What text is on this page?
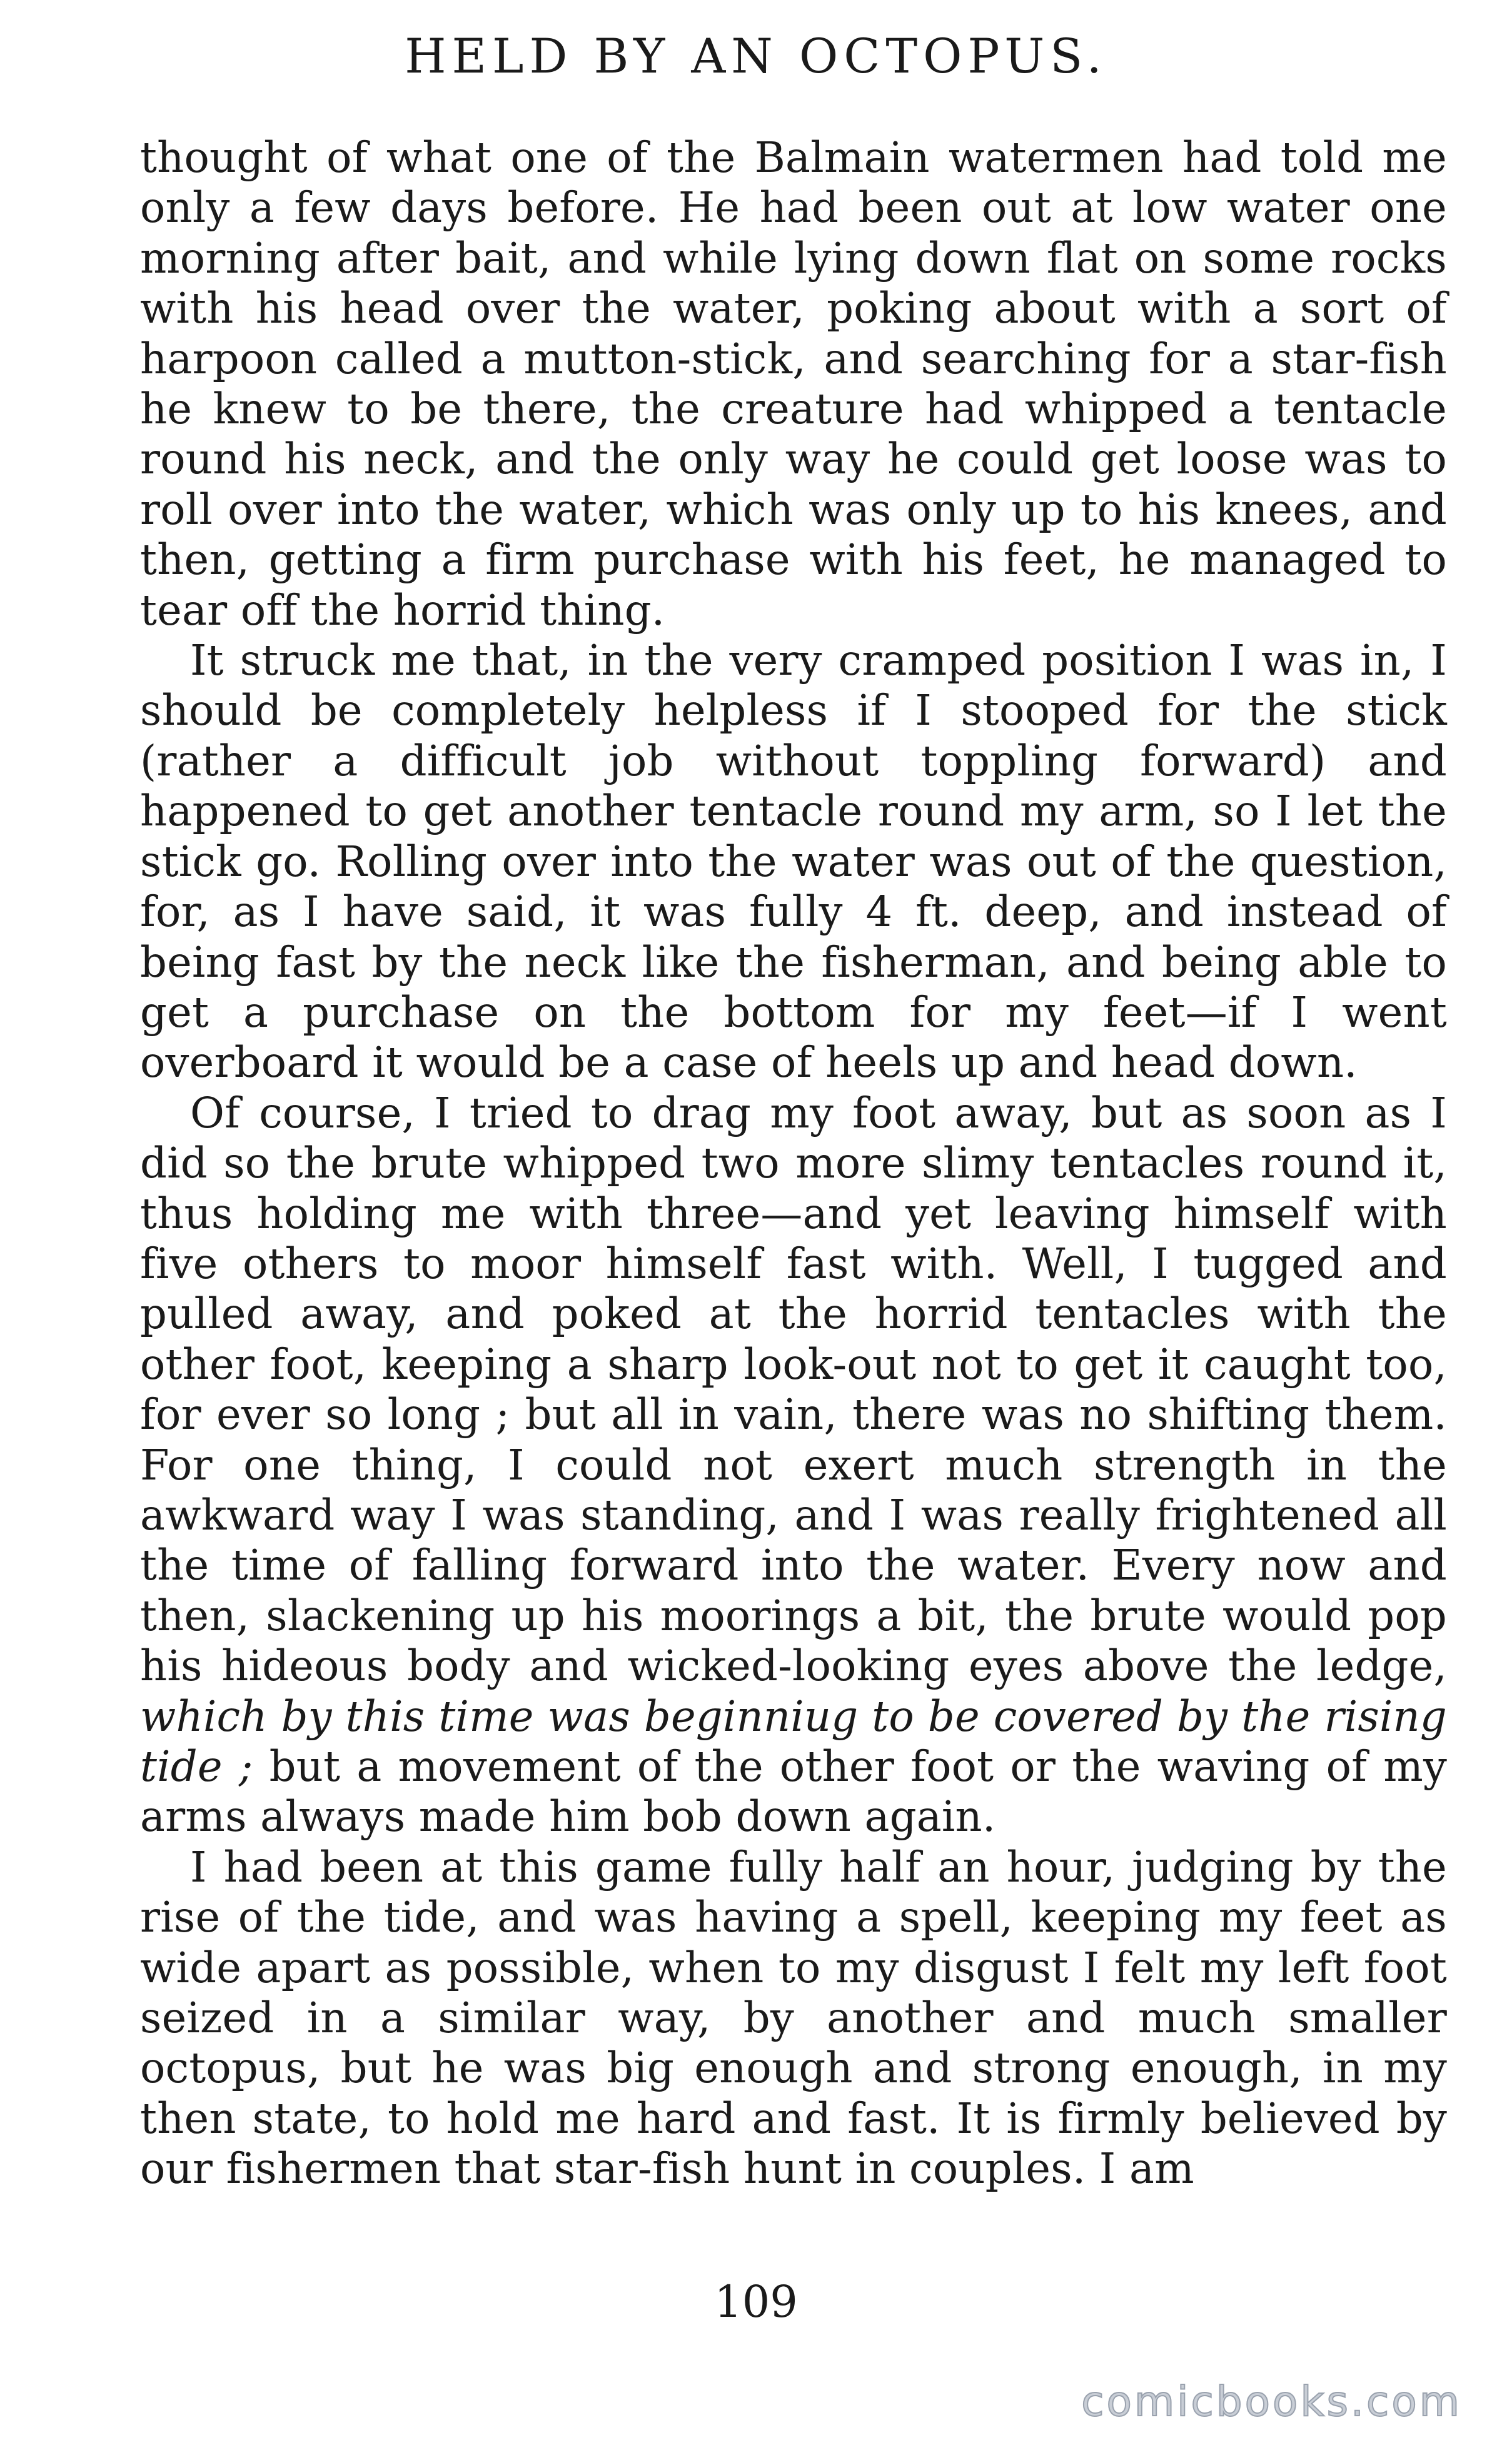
HELD BY AN OCTOPUS.

thought of what one of the Balmain watermen had told me only a few days before. He had been out at low water one morning after bait, and while lying down flat on some rocks with his head over the water, poking about with a sort of harpoon called a mutton-stick, and searching for a star-fish he knew to be there, the creature had whipped a tentacle round his neck, and the only way he could get loose was to roll over into the water, which was only up to his knees, and then, getting a firm purchase with his feet, he managed to tear off the horrid thing.

It struck me that, in the very cramped position I was in, I should be completely helpless if I stooped for the stick (rather a difficult job without toppling forward) and happened to get another tentacle round my arm, so I let the stick go. Rolling over into the water was out of the question, for, as I have said, it was fully 4 ft. deep, and instead of being fast by the neck like the fisherman, and being able to get a purchase on the bottom for my feet—if I went overboard it would be a case of heels up and head down.

Of course, I tried to drag my foot away, but as soon as I did so the brute whipped two more slimy tentacles round it, thus holding me with three—and yet leaving himself with five others to moor himself fast with. Well, I tugged and pulled away, and poked at the horrid tentacles with the other foot, keeping a sharp look-out not to get it caught too, for ever so long ; but all in vain, there was no shifting them. For one thing, I could not exert much strength in the awkward way I was standing, and I was really frightened all the time of falling forward into the water. Every now and then, slackening up his moorings a bit, the brute would pop his hideous body and wicked-looking eyes above the ledge, which by this time was beginniug to be covered by the rising tide ; but a movement of the other foot or the waving of my arms always made him bob down again.

I had been at this game fully half an hour, judging by the rise of the tide, and was having a spell, keeping my feet as wide apart as possible, when to my disgust I felt my left foot seized in a similar way, by another and much smaller octopus, but he was big enough and strong enough, in my then state, to hold me hard and fast. It is firmly believed by our fishermen that star-fish hunt in couples. I am

109
comicbooks.com
